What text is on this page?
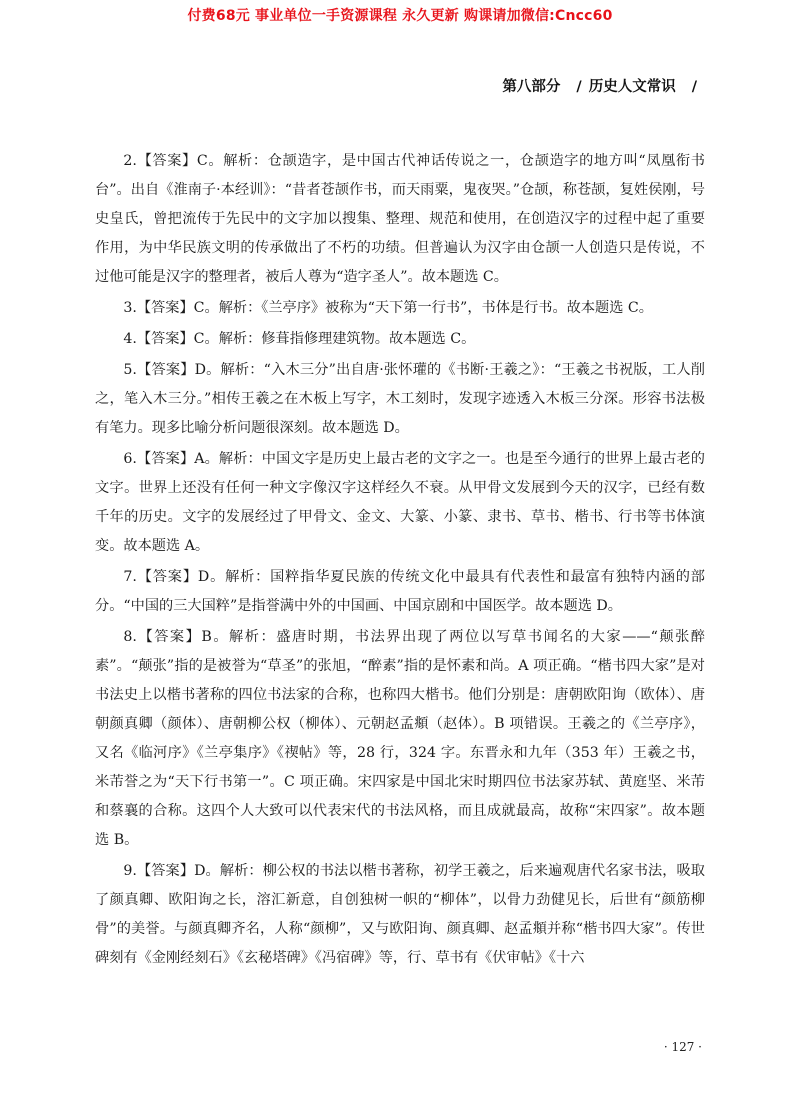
付费68元 事业单位一手资源课程 永久更新 购课请加微信:Cncc60
第八部分 / 历史人文常识 /

2.【答案】C。解析：仓颉造字，是中国古代神话传说之一，仓颉造字的地方叫“凤凰衔书台”。出自《淮南子·本经训》：“昔者苍颉作书，而天雨粟，鬼夜哭。”仓颉，称苍颉，复姓侯刚，号史皇氏，曾把流传于先民中的文字加以搜集、整理、规范和使用，在创造汉字的过程中起了重要作用，为中华民族文明的传承做出了不朽的功绩。但普遍认为汉字由仓颉一人创造只是传说，不过他可能是汉字的整理者，被后人尊为“造字圣人”。故本题选 C。

3.【答案】C。解析：《兰亭序》被称为“天下第一行书”，书体是行书。故本题选 C。

4.【答案】C。解析：修葺指修理建筑物。故本题选 C。

5.【答案】D。解析：“入木三分”出自唐·张怀瓘的《书断·王羲之》：“王羲之书祝版，工人削之，笔入木三分。”相传王羲之在木板上写字，木工刻时，发现字迹透入木板三分深。形容书法极有笔力。现多比喻分析问题很深刻。故本题选 D。

6.【答案】A。解析：中国文字是历史上最古老的文字之一。也是至今通行的世界上最古老的文字。世界上还没有任何一种文字像汉字这样经久不衰。从甲骨文发展到今天的汉字，已经有数千年的历史。文字的发展经过了甲骨文、金文、大篆、小篆、隶书、草书、楷书、行书等书体演变。故本题选 A。

7.【答案】D。解析：国粹指华夏民族的传统文化中最具有代表性和最富有独特内涵的部分。“中国的三大国粹”是指誉满中外的中国画、中国京剧和中国医学。故本题选 D。

8.【答案】B。解析：盛唐时期，书法界出现了两位以写草书闻名的大家——“颠张醉素”。“颠张”指的是被誉为“草圣”的张旭，“醉素”指的是怀素和尚。A 项正确。“楷书四大家”是对书法史上以楷书著称的四位书法家的合称，也称四大楷书。他们分别是：唐朝欧阳询（欧体）、唐朝颜真卿（颜体）、唐朝柳公权（柳体）、元朝赵孟頫（赵体）。B 项错误。王羲之的《兰亭序》，又名《临河序》《兰亭集序》《禊帖》等，28 行，324 字。东晋永和九年（353 年）王羲之书，米芾誉之为“天下行书第一”。C 项正确。宋四家是中国北宋时期四位书法家苏轼、黄庭坚、米芾和蔡襄的合称。这四个人大致可以代表宋代的书法风格，而且成就最高，故称“宋四家”。故本题选 B。

9.【答案】D。解析：柳公权的书法以楷书著称，初学王羲之，后来遍观唐代名家书法，吸取了颜真卿、欧阳询之长，溶汇新意，自创独树一帜的“柳体”，以骨力劲健见长，后世有“颜筋柳骨”的美誉。与颜真卿齐名，人称“颜柳”，又与欧阳询、颜真卿、赵孟頫并称“楷书四大家”。传世碑刻有《金刚经刻石》《玄秘塔碑》《冯宿碑》等，行、草书有《伏审帖》《十六

· 127 ·
